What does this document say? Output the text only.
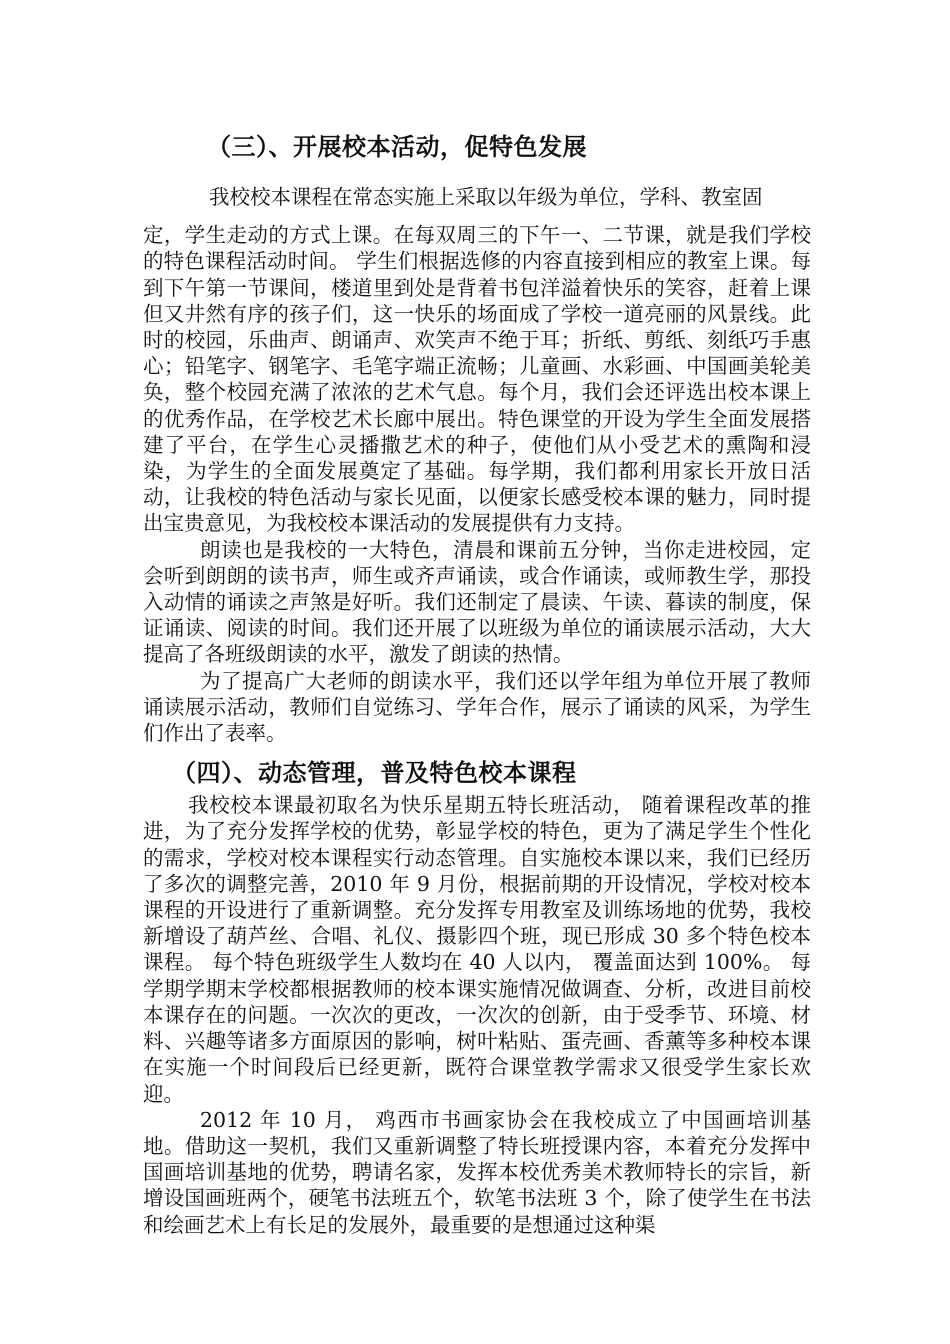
（三）、开展校本活动，促特色发展

我校校本课程在常态实施上采取以年级为单位，学科、教室固

定，学生走动的方式上课。在每双周三的下午一、二节课，就是我们学校的特色课程活动时间。 学生们根据选修的内容直接到相应的教室上课。每到下午第一节课间，楼道里到处是背着书包洋溢着快乐的笑容，赶着上课但又井然有序的孩子们，这一快乐的场面成了学校一道亮丽的风景线。此时的校园，乐曲声、朗诵声、欢笑声不绝于耳；折纸、剪纸、刻纸巧手惠心；铅笔字、钢笔字、毛笔字端正流畅；儿童画、水彩画、中国画美轮美奂，整个校园充满了浓浓的艺术气息。每个月，我们会还评选出校本课上的优秀作品，在学校艺术长廊中展出。特色课堂的开设为学生全面发展搭建了平台，在学生心灵播撒艺术的种子，使他们从小受艺术的熏陶和浸染，为学生的全面发展奠定了基础。每学期，我们都利用家长开放日活动，让我校的特色活动与家长见面，以便家长感受校本课的魅力，同时提出宝贵意见，为我校校本课活动的发展提供有力支持。

朗读也是我校的一大特色，清晨和课前五分钟，当你走进校园，定会听到朗朗的读书声，师生或齐声诵读，或合作诵读，或师教生学，那投入动情的诵读之声煞是好听。我们还制定了晨读、午读、暮读的制度，保证诵读、阅读的时间。我们还开展了以班级为单位的诵读展示活动，大大提高了各班级朗读的水平，激发了朗读的热情。

为了提高广大老师的朗读水平，我们还以学年组为单位开展了教师诵读展示活动，教师们自觉练习、学年合作，展示了诵读的风采，为学生们作出了表率。

（四）、动态管理，普及特色校本课程

我校校本课最初取名为快乐星期五特长班活动， 随着课程改革的推进，为了充分发挥学校的优势，彰显学校的特色，更为了满足学生个性化的需求，学校对校本课程实行动态管理。自实施校本课以来，我们已经历了多次的调整完善，2010 年 9 月份，根据前期的开设情况，学校对校本课程的开设进行了重新调整。充分发挥专用教室及训练场地的优势，我校新增设了葫芦丝、合唱、礼仪、摄影四个班，现已形成 30 多个特色校本课程。 每个特色班级学生人数均在 40 人以内， 覆盖面达到 100%。 每学期学期末学校都根据教师的校本课实施情况做调查、分析，改进目前校本课存在的问题。一次次的更改，一次次的创新，由于受季节、环境、材料、兴趣等诸多方面原因的影响，树叶粘贴、蛋壳画、香薰等多种校本课在实施一个时间段后已经更新，既符合课堂教学需求又很受学生家长欢迎。

2012 年 10 月， 鸡西市书画家协会在我校成立了中国画培训基地。借助这一契机，我们又重新调整了特长班授课内容，本着充分发挥中国画培训基地的优势，聘请名家，发挥本校优秀美术教师特长的宗旨，新增设国画班两个，硬笔书法班五个，软笔书法班 3 个，除了使学生在书法和绘画艺术上有长足的发展外，最重要的是想通过这种渠
